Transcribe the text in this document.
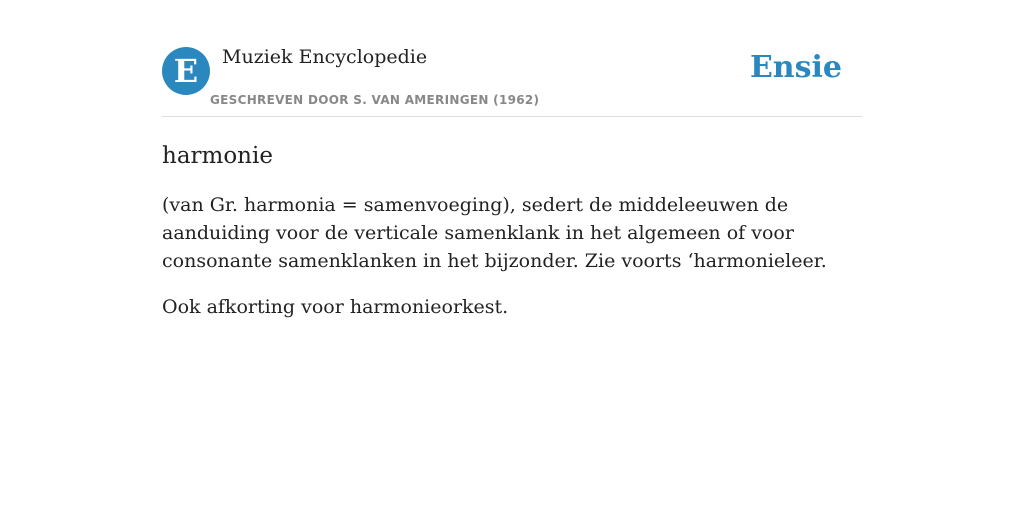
E	Muziek Encyclopedie
GESCHREVEN DOOR S. VAN AMERINGEN (1962)
Ensie
harmonie

(van Gr. harmonia = samenvoeging), sedert de middeleeuwen de aanduiding voor de verticale samenklank in het algemeen of voor consonante samenklanken in het bijzonder. Zie voorts ‘harmonieleer.

Ook afkorting voor harmonieorkest.
